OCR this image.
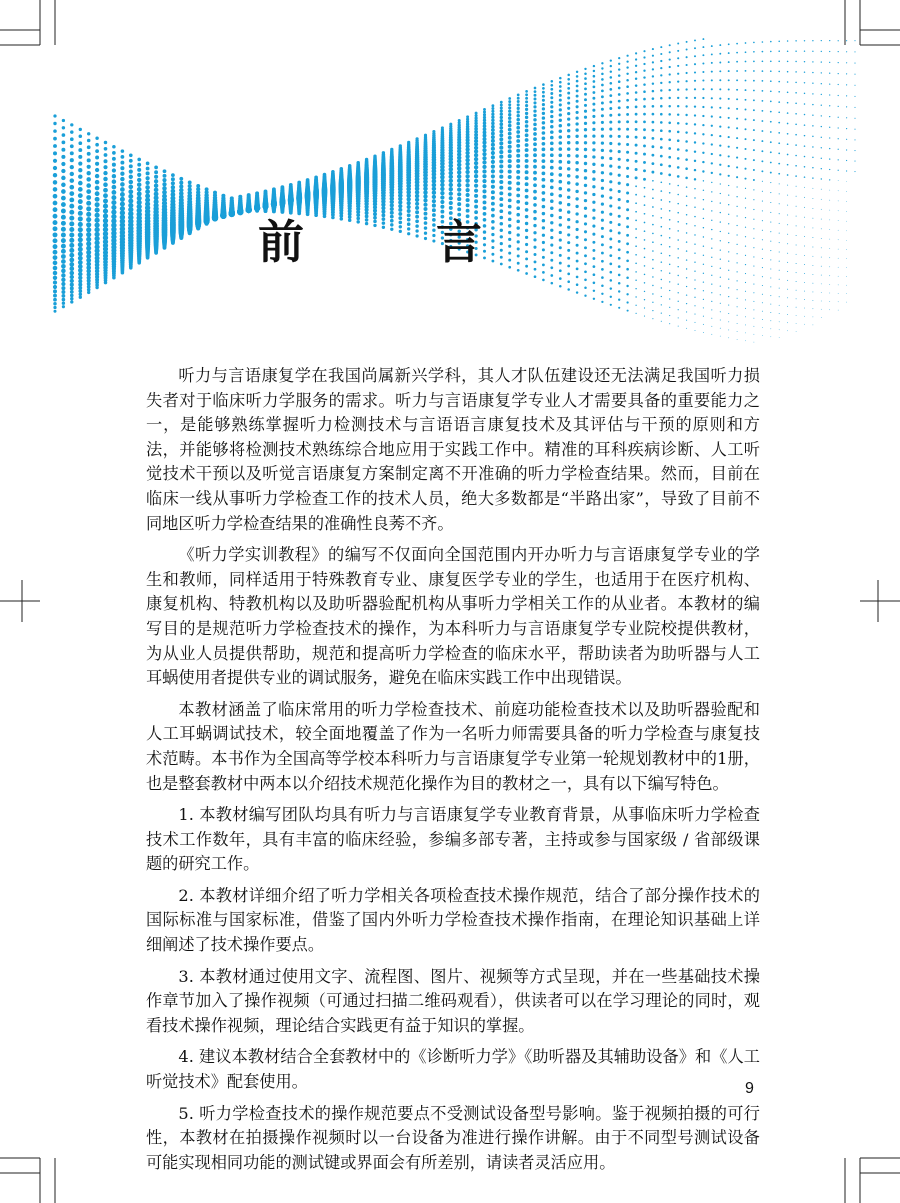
前 言

听力与言语康复学在我国尚属新兴学科，其人才队伍建设还无法满足我国听力损失者对于临床听力学服务的需求。听力与言语康复学专业人才需要具备的重要能力之一，是能够熟练掌握听力检测技术与言语语言康复技术及其评估与干预的原则和方法，并能够将检测技术熟练综合地应用于实践工作中。精准的耳科疾病诊断、人工听觉技术干预以及听觉言语康复方案制定离不开准确的听力学检查结果。然而，目前在临床一线从事听力学检查工作的技术人员，绝大多数都是“半路出家”，导致了目前不同地区听力学检查结果的准确性良莠不齐。

《听力学实训教程》的编写不仅面向全国范围内开办听力与言语康复学专业的学生和教师，同样适用于特殊教育专业、康复医学专业的学生，也适用于在医疗机构、康复机构、特教机构以及助听器验配机构从事听力学相关工作的从业者。本教材的编写目的是规范听力学检查技术的操作，为本科听力与言语康复学专业院校提供教材，为从业人员提供帮助，规范和提高听力学检查的临床水平，帮助读者为助听器与人工耳蜗使用者提供专业的调试服务，避免在临床实践工作中出现错误。

本教材涵盖了临床常用的听力学检查技术、前庭功能检查技术以及助听器验配和人工耳蜗调试技术，较全面地覆盖了作为一名听力师需要具备的听力学检查与康复技术范畴。本书作为全国高等学校本科听力与言语康复学专业第一轮规划教材中的1册，也是整套教材中两本以介绍技术规范化操作为目的教材之一，具有以下编写特色。

1. 本教材编写团队均具有听力与言语康复学专业教育背景，从事临床听力学检查技术工作数年，具有丰富的临床经验，参编多部专著，主持或参与国家级 / 省部级课题的研究工作。

2. 本教材详细介绍了听力学相关各项检查技术操作规范，结合了部分操作技术的国际标准与国家标准，借鉴了国内外听力学检查技术操作指南，在理论知识基础上详细阐述了技术操作要点。

3. 本教材通过使用文字、流程图、图片、视频等方式呈现，并在一些基础技术操作章节加入了操作视频（可通过扫描二维码观看），供读者可以在学习理论的同时，观看技术操作视频，理论结合实践更有益于知识的掌握。

4. 建议本教材结合全套教材中的《诊断听力学》《助听器及其辅助设备》和《人工听觉技术》配套使用。

5. 听力学检查技术的操作规范要点不受测试设备型号影响。鉴于视频拍摄的可行性，本教材在拍摄操作视频时以一台设备为准进行操作讲解。由于不同型号测试设备可能实现相同功能的测试键或界面会有所差别，请读者灵活应用。

9
